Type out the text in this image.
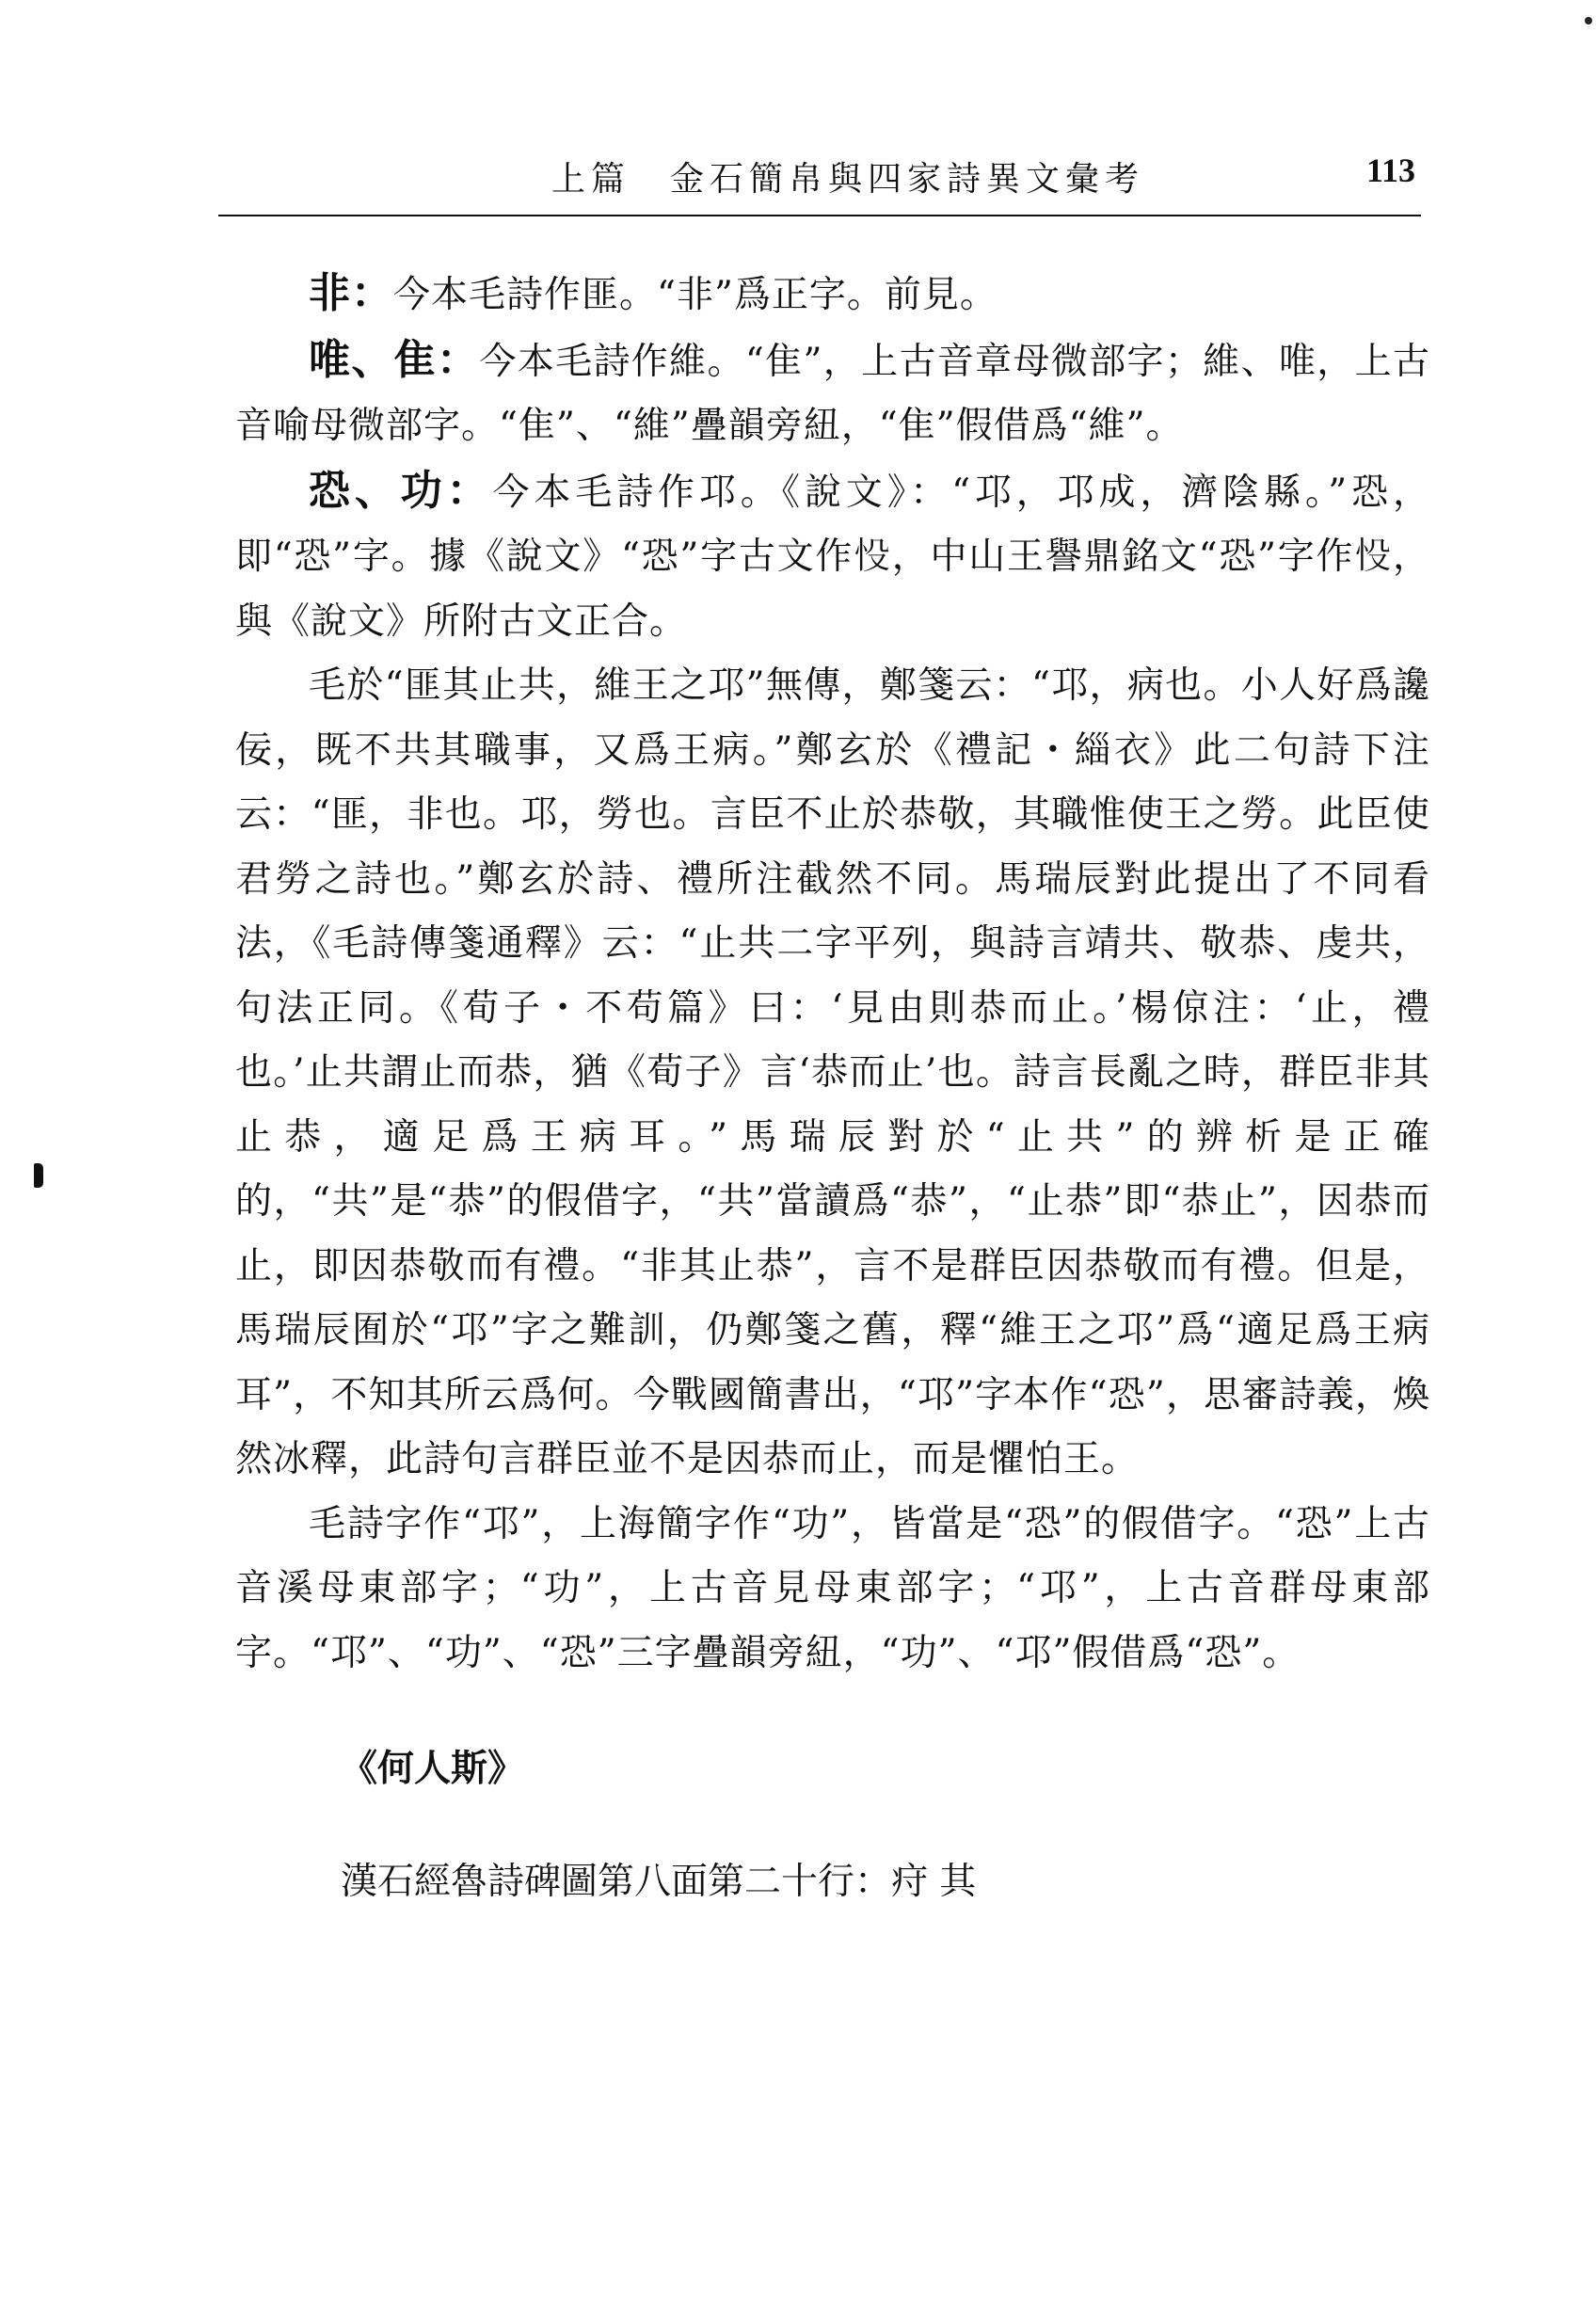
上篇　金石簡帛與四家詩異文彙考	113

非：今本毛詩作匪。“非”爲正字。前見。

唯、隹：今本毛詩作維。“隹”，上古音章母微部字；維、唯，上古音喻母微部字。“隹”、“維”疊韻旁紐，“隹”假借爲“維”。

恐、功：今本毛詩作邛。《說文》：“邛，邛成，濟陰縣。”恐，即“恐”字。據《說文》“恐”字古文作𢗎，中山王譽鼎銘文“恐”字作𢗎，與《說文》所附古文正合。

毛於“匪其止共，維王之邛”無傳，鄭箋云：“邛，病也。小人好爲讒佞，既不共其職事，又爲王病。”鄭玄於《禮記・緇衣》此二句詩下注云：“匪，非也。邛，勞也。言臣不止於恭敬，其職惟使王之勞。此臣使君勞之詩也。”鄭玄於詩、禮所注截然不同。馬瑞辰對此提出了不同看法，《毛詩傳箋通釋》云：“止共二字平列，與詩言靖共、敬恭、虔共，句法正同。《荀子・不苟篇》曰：‘見由則恭而止。’楊倞注：‘止，禮也。’止共謂止而恭，猶《荀子》言‘恭而止’也。詩言長亂之時，群臣非其止恭，適足爲王病耳。”馬瑞辰對於“止共”的辨析是正確的，“共”是“恭”的假借字，“共”當讀爲“恭”，“止恭”即“恭止”，因恭而止，即因恭敬而有禮。“非其止恭”，言不是群臣因恭敬而有禮。但是，馬瑞辰囿於“邛”字之難訓，仍鄭箋之舊，釋“維王之邛”爲“適足爲王病耳”，不知其所云爲何。今戰國簡書出，“邛”字本作“恐”，思審詩義，煥然冰釋，此詩句言群臣並不是因恭而止，而是懼怕王。

毛詩字作“邛”，上海簡字作“功”，皆當是“恐”的假借字。“恐”上古音溪母東部字；“功”，上古音見母東部字；“邛”，上古音群母東部字。“邛”、“功”、“恐”三字疊韻旁紐，“功”、“邛”假借爲“恐”。

《何人斯》

漢石經魯詩碑圖第八面第二十行：疛 其
